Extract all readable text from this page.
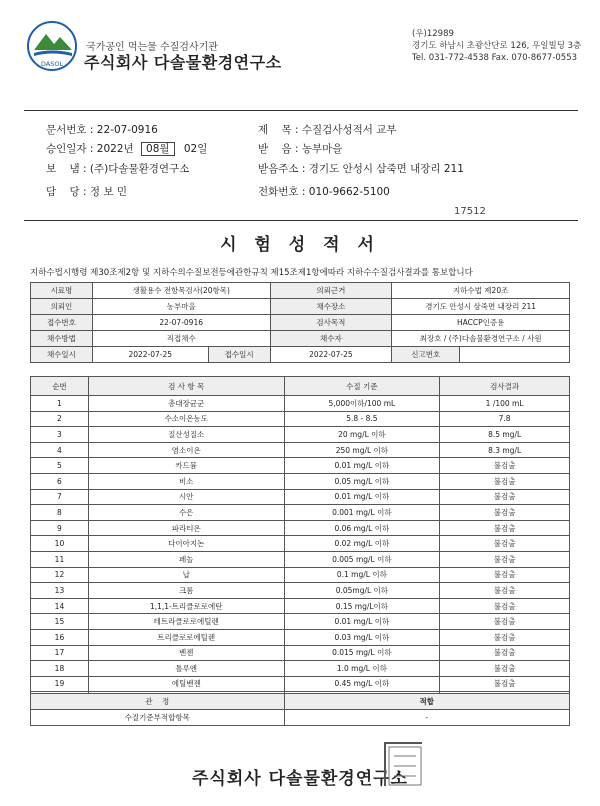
DASOL
국가공인 먹는물 수질검사기관
주식회사 다솔물환경연구소
(우)12989
경기도 하남시 초광산단로 126, 우일빌딩 3층
Tel. 031-772-4538 Fax. 070-8677-0553
문서번호 : 22-07-0916
승인일자 : 2022년 08월 02일
보    냄 : (주)다솔물환경연구소
담    당 : 정 보 민
제    목 : 수질검사성적서 교부
받    음 : 농부마을
받음주소 : 경기도 안성시 삼죽면 내장리 211
전화번호 : 010-9662-5100
17512
시 험 성 적 서
지하수법시행령 제30조제2항 및 지하수의수질보전등에관한규칙 제15조제1항에따라 지하수수질검사결과를 통보합니다
시료명	생활용수 전항목검사(20항목)		의뢰근거	지하수법 제20조	
의뢰인	농부마을		채수장소	경기도 안성시 삼죽면 내장리 211	
접수번호	22-07-0916		검사목적	HACCP인증용	
채수방법	직접채수		채수자	최장호 / (주)다솔물환경연구소 / 사원	
채수일시	2022-07-25	접수일시	2022-07-25	신고번호	
순번	검 사 항 목	수질 기준	검사결과
1	총대장균군	5,000이하/100 mL	1 /100 mL
2	수소이온농도	5.8 - 8.5	7.8
3	질산성질소	20 mg/L 이하	8.5 mg/L
4	염소이온	250 mg/L 이하	8.3 mg/L
5	카드뮴	0.01 mg/L 이하	불검출
6	비소	0.05 mg/L 이하	불검출
7	시안	0.01 mg/L 이하	불검출
8	수은	0.001 mg/L 이하	불검출
9	파라티온	0.06 mg/L 이하	불검출
10	다이아지논	0.02 mg/L 이하	불검출
11	페놀	0.005 mg/L 이하	불검출
12	납	0.1 mg/L 이하	불검출
13	크롬	0.05mg/L 이하	불검출
14	1,1,1-트리클로로에탄	0.15 mg/L이하	불검출
15	테트라클로로에틸렌	0.01 mg/L 이하	불검출
16	트리클로로에틸렌	0.03 mg/L 이하	불검출
17	벤젠	0.015 mg/L 이하	불검출
18	톨루엔	1.0 mg/L 이하	불검출
19	에틸벤젠	0.45 mg/L 이하	불검출

관    정	적합
수질기준부적합항목	-
주식회사 다솔물환경연구소
